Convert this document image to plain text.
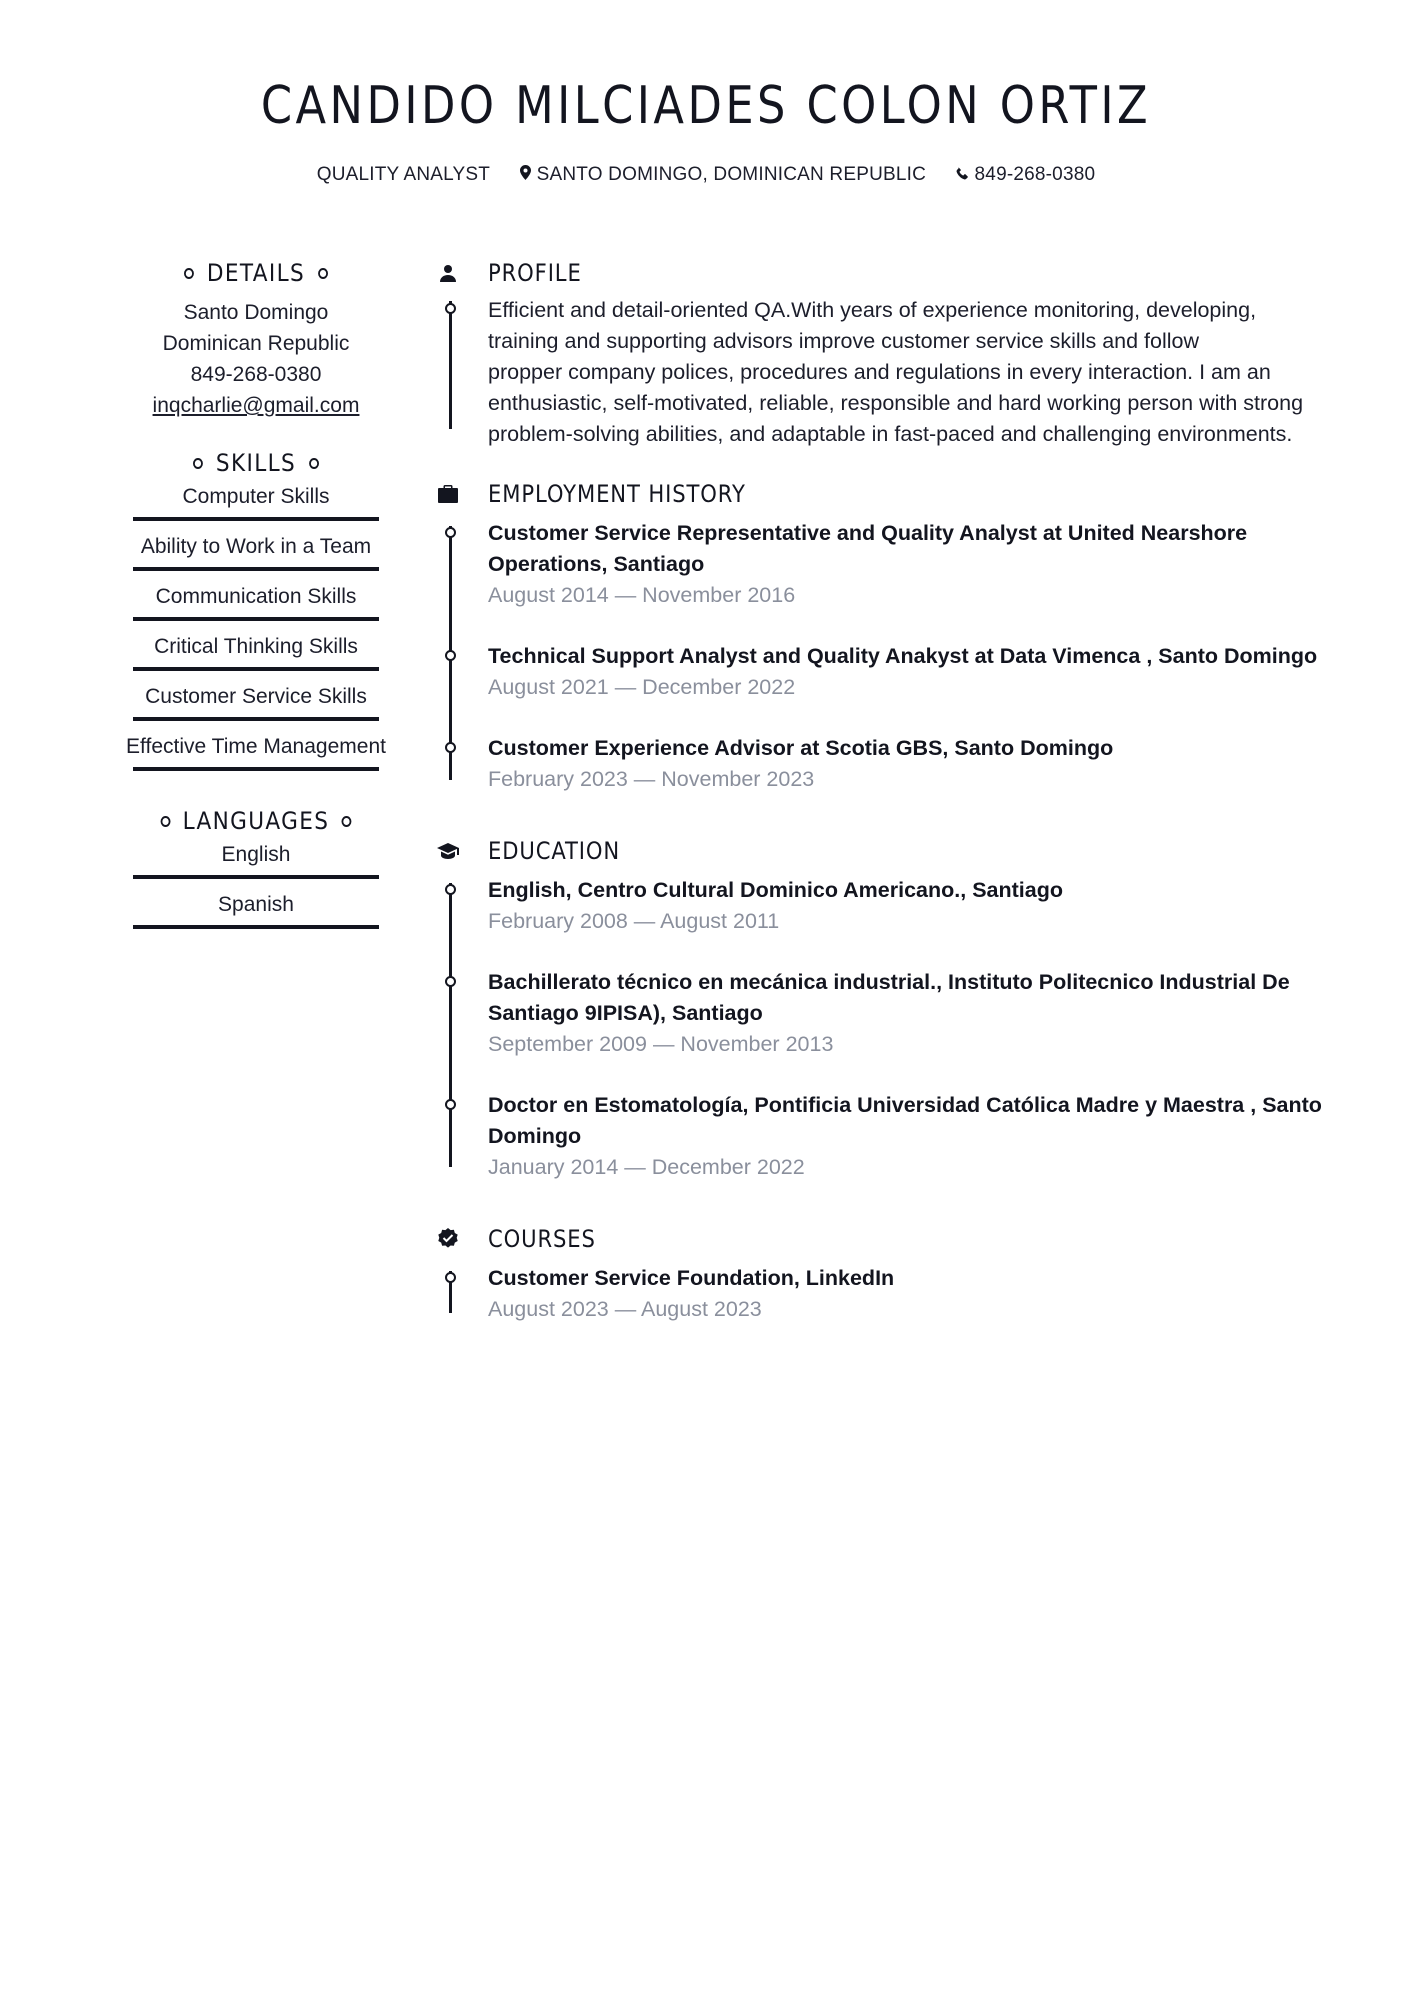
CANDIDO MILCIADES COLON ORTIZ
QUALITY ANALYST SANTO DOMINGO, DOMINICAN REPUBLIC	849-268-0380
DETAILS
Santo Domingo
Dominican Republic
849-268-0380
inqcharlie@gmail.com
SKILLS
Computer Skills
Ability to Work in a Team
Communication Skills
Critical Thinking Skills
Customer Service Skills
Effective Time Management
LANGUAGES
English
Spanish
PROFILE
Efficient and detail-oriented QA.With years of experience monitoring, developing,
training and supporting advisors improve customer service skills and follow
propper company polices, procedures and regulations in every interaction. I am an
enthusiastic, self-motivated, reliable, responsible and hard working person with strong
problem-solving abilities, and adaptable in fast-paced and challenging environments.
EMPLOYMENT HISTORY
Customer Service Representative and Quality Analyst at United Nearshore Operations, Santiago
August 2014 — November 2016
Technical Support Analyst and Quality Anakyst at Data Vimenca , Santo Domingo
August 2021 — December 2022
Customer Experience Advisor at Scotia GBS, Santo Domingo
February 2023 — November 2023
EDUCATION
English, Centro Cultural Dominico Americano., Santiago
February 2008 — August 2011
Bachillerato técnico en mecánica industrial., Instituto Politecnico Industrial De Santiago 9IPISA), Santiago
September 2009 — November 2013
Doctor en Estomatología, Pontificia Universidad Católica Madre y Maestra , Santo Domingo
January 2014 — December 2022
COURSES
Customer Service Foundation, LinkedIn
August 2023 — August 2023
